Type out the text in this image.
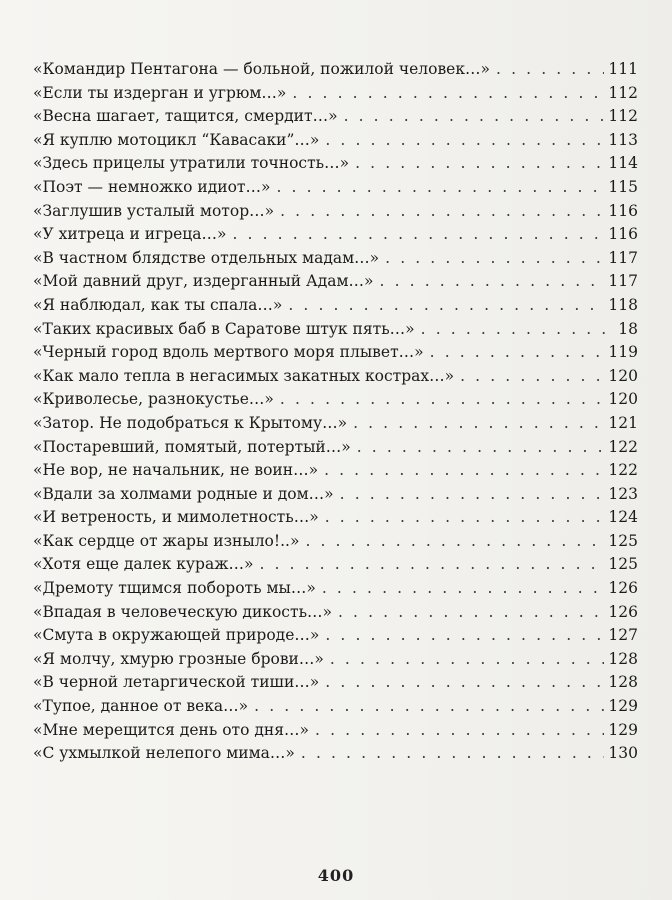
«Командир Пентагона — больной, пожилой человек…» . . .	111
«Если ты издерган и угрюм…» . . .	112
«Весна шагает, тащится, смердит…» . . .	112
«Я куплю мотоцикл “Кавасаки”…» . . .	113
«Здесь прицелы утратили точность…» . . .	114
«Поэт — немножко идиот…» . . .	115
«Заглушив усталый мотор…» . . .	116
«У хитреца и игреца…» . . .	116
«В частном блядстве отдельных мадам…» . . .	117
«Мой давний друг, издерганный Адам…» . . .	117
«Я наблюдал, как ты спала…» . . .	118
«Таких красивых баб в Саратове штук пять…» . . .	18
«Черный город вдоль мертвого моря плывет…» . . .	119
«Как мало тепла в негасимых закатных кострах…» . . .	120
«Криволесье, разнокустье…» . . .	120
«Затор. Не подобраться к Крытому…» . . .	121
«Постаревший, помятый, потертый…» . . .	122
«Не вор, не начальник, не воин…» . . .	122
«Вдали за холмами родные и дом…» . . .	123
«И ветреность, и мимолетность…» . . .	124
«Как сердце от жары изныло!..» . . .	125
«Хотя еще далек кураж…» . . .	125
«Дремоту тщимся побороть мы…» . . .	126
«Впадая в человеческую дикость…» . . .	126
«Смута в окружающей природе…» . . .	127
«Я молчу, хмурю грозные брови…» . . .	128
«В черной летаргической тиши…» . . .	128
«Тупое, данное от века…» . . .	129
«Мне мерещится день ото дня…» . . .	129
«С ухмылкой нелепого мима…» . . .	130
400
